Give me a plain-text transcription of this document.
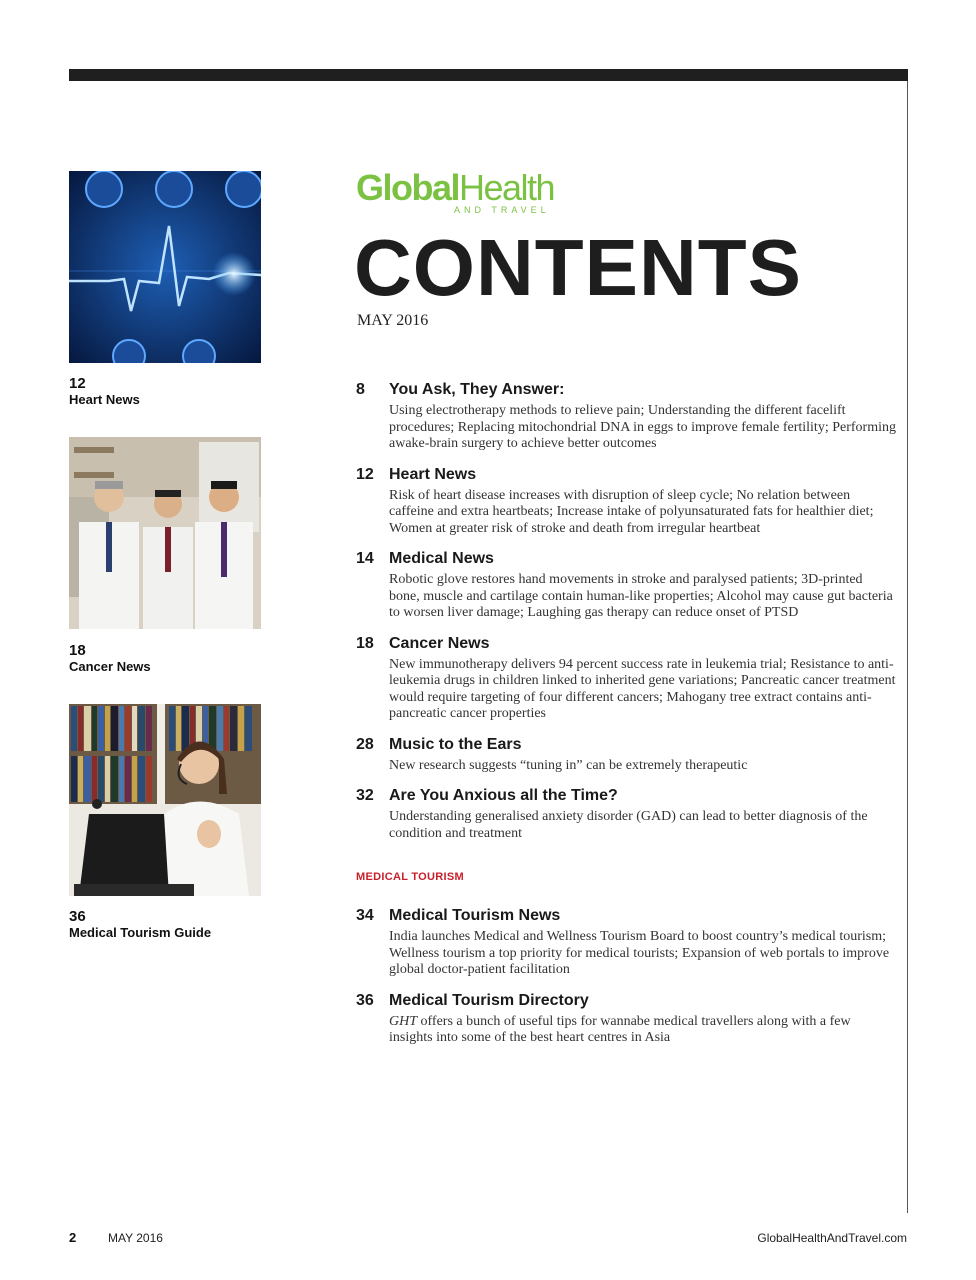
12
Heart News
18
Cancer News
36
Medical Tourism Guide
GlobalHealth
AND TRAVEL
CONTENTS
MAY 2016
8	You Ask, They Answer:
Using electrotherapy methods to relieve pain; Understanding the different facelift procedures; Replacing mitochondrial DNA in eggs to improve female fertility; Performing awake-brain surgery to achieve better outcomes
12 Heart News
Risk of heart disease increases with disruption of sleep cycle; No relation between caffeine and extra heartbeats; Increase intake of polyunsaturated fats for healthier diet; Women at greater risk of stroke and death from irregular heartbeat
14 Medical News
Robotic glove restores hand movements in stroke and paralysed patients; 3D-printed bone, muscle and cartilage contain human-like properties; Alcohol may cause gut bacteria to worsen liver damage; Laughing gas therapy can reduce onset of PTSD
18 Cancer News
New immunotherapy delivers 94 percent success rate in leukemia trial; Resistance to anti-leukemia drugs in children linked to inherited gene variations; Pancreatic cancer treatment would require targeting of four different cancers; Mahogany tree extract contains anti-pancreatic cancer properties
28 Music to the Ears
New research suggests “tuning in” can be extremely therapeutic
32 Are You Anxious all the Time?
Understanding generalised anxiety disorder (GAD) can lead to better diagnosis of the condition and treatment
MEDICAL TOURISM
34 Medical Tourism News
India launches Medical and Wellness Tourism Board to boost country’s medical tourism; Wellness tourism a top priority for medical tourists; Expansion of web portals to improve global doctor-patient facilitation
36 Medical Tourism Directory
GHT offers a bunch of useful tips for wannabe medical travellers along with a few insights into some of the best heart centres in Asia
2	MAY 2016	GlobalHealthAndTravel.com
